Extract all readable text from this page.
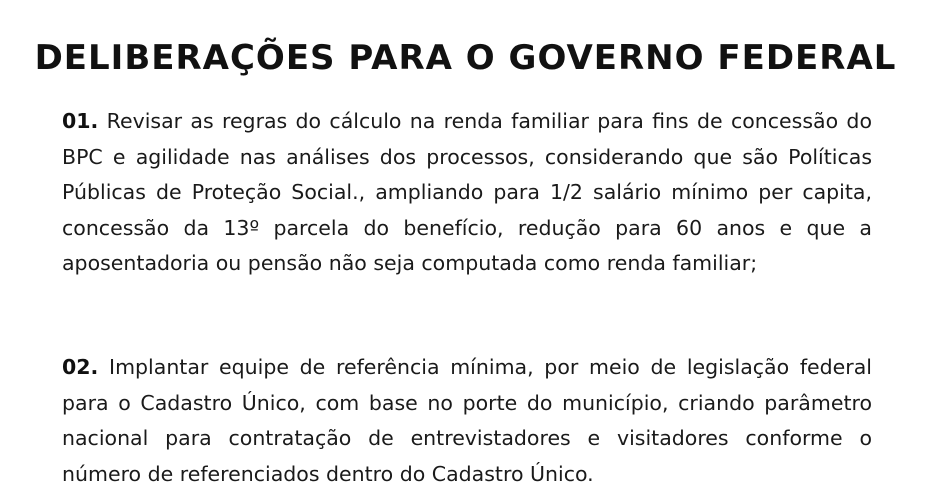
DELIBERAÇÕES PARA O GOVERNO FEDERAL

01. Revisar as regras do cálculo na renda familiar para fins de concessão do BPC e agilidade nas análises dos processos, considerando que são Políticas Públicas de Proteção Social., ampliando para 1/2 salário mínimo per capita, concessão da 13º parcela do benefício, redução para 60 anos e que a aposentadoria ou pensão não seja computada como renda familiar;

02. Implantar equipe de referência mínima, por meio de legislação federal para o Cadastro Único, com base no porte do município, criando parâmetro nacional para contratação de entrevistadores e visitadores conforme o número de referenciados dentro do Cadastro Único.
